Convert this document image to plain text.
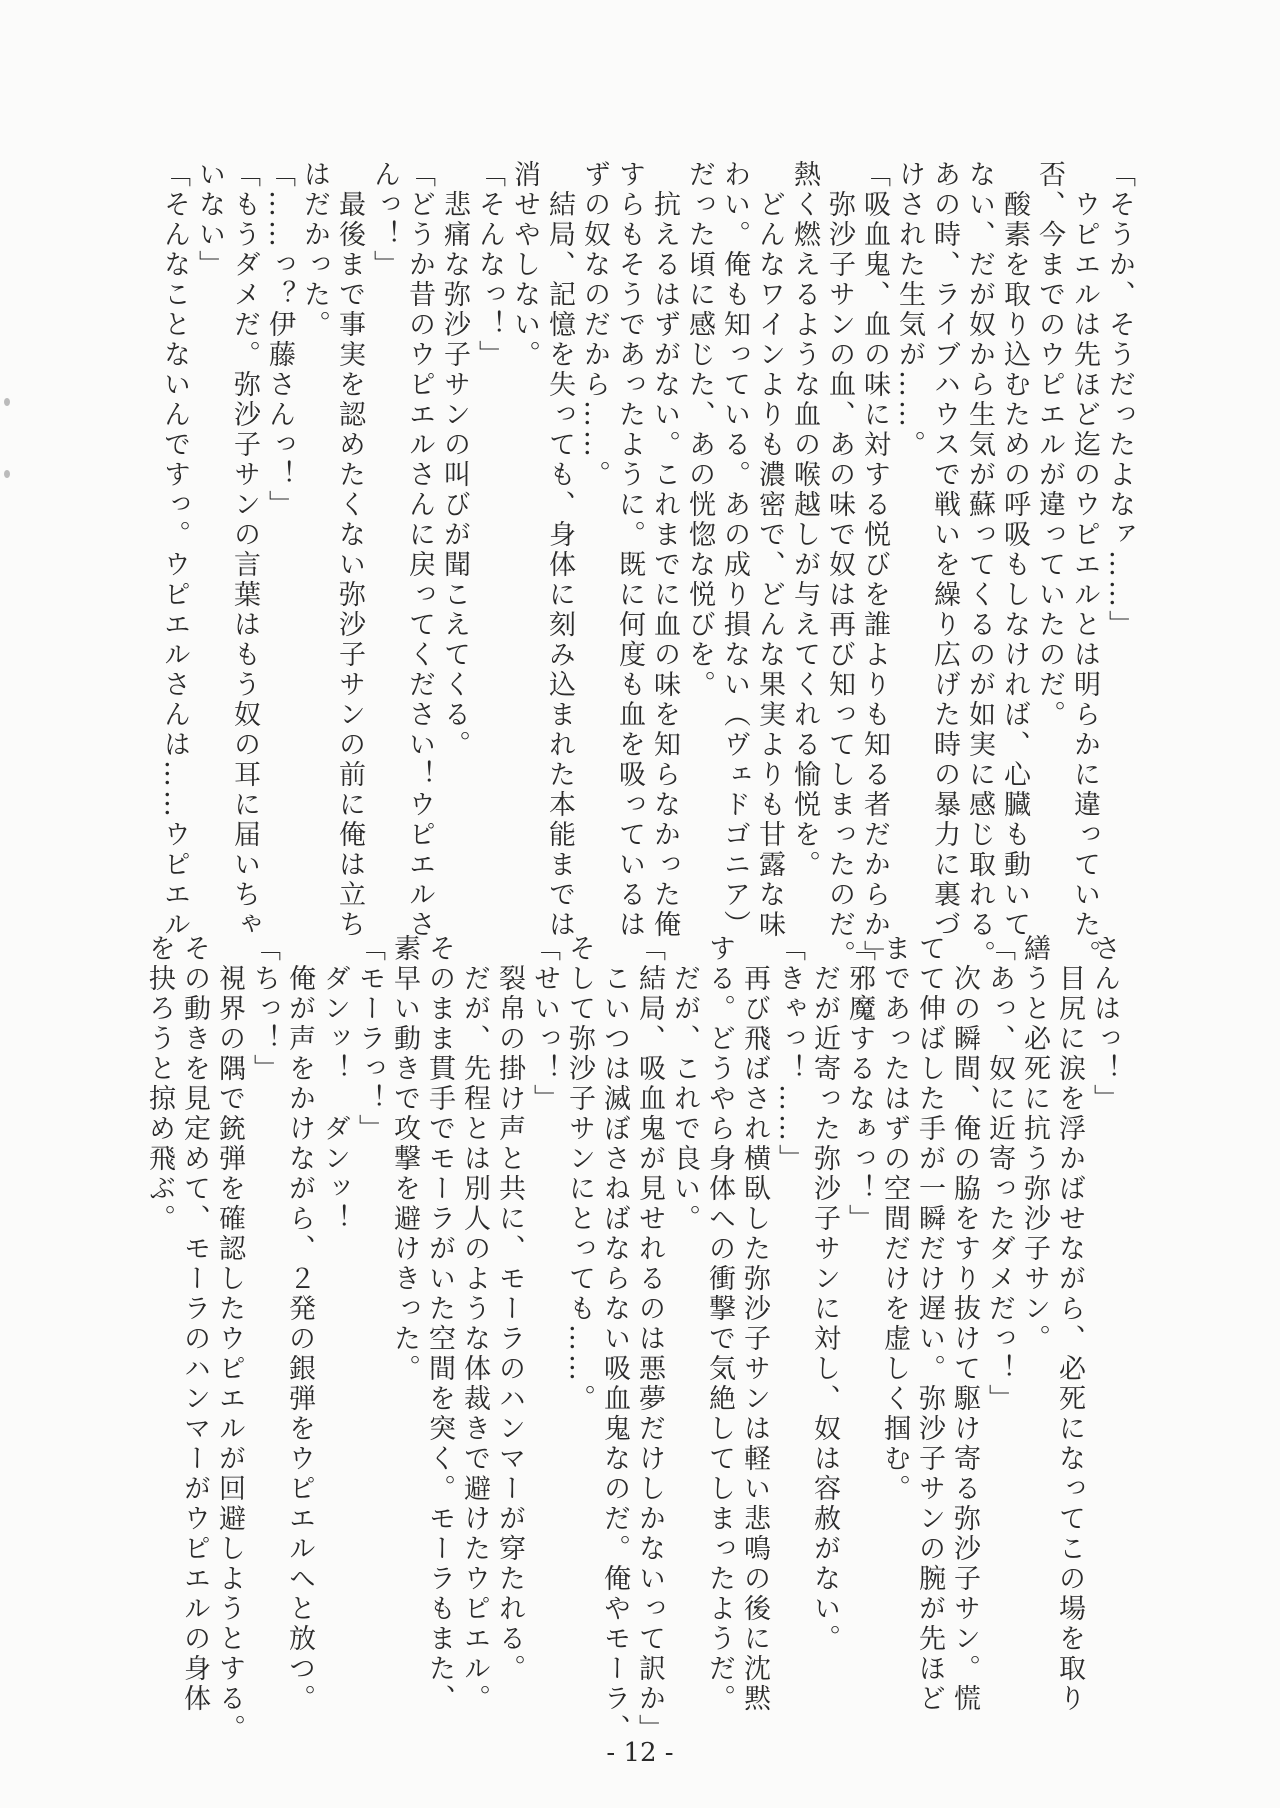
「そうか、そうだったよなァ……」
　ウピエルは先ほど迄のウピエルとは明らかに違っていた。
否、今までのウピエルが違っていたのだ。
　酸素を取り込むための呼吸もしなければ、心臓も動いて
ない、だが奴から生気が蘇ってくるのが如実に感じ取れる。
あの時、ライブハウスで戦いを繰り広げた時の暴力に裏づ
けされた生気が……。
「吸血鬼、血の味に対する悦びを誰よりも知る者だからか」
　弥沙子サンの血、あの味で奴は再び知ってしまったのだ。
熱く燃えるような血の喉越しが与えてくれる愉悦を。
　どんなワインよりも濃密で、どんな果実よりも甘露な味
わい。俺も知っている。あの成り損ない（ヴェドゴニア）
だった頃に感じた、あの恍惚な悦びを。
　抗えるはずがない。これまでに血の味を知らなかった俺
すらもそうであったように。既に何度も血を吸っているは
ずの奴なのだから……。
　結局、記憶を失っても、身体に刻み込まれた本能までは
消せやしない。
「そんなっ！」
　悲痛な弥沙子サンの叫びが聞こえてくる。
「どうか昔のウピエルさんに戻ってください！ウピエルさ
んっ！」
　最後まで事実を認めたくない弥沙子サンの前に俺は立ち
はだかった。
「……っ？伊藤さんっ！」
「もうダメだ。弥沙子サンの言葉はもう奴の耳に届いちゃ
いない」
「そんなことないんですっ。ウピエルさんは……ウピエル
さんはっ！」
　目尻に涙を浮かばせながら、必死になってこの場を取り
繕うと必死に抗う弥沙子サン。
「あっ、奴に近寄ったダメだっ！」
　次の瞬間、俺の脇をすり抜けて駆け寄る弥沙子サン。慌
てて伸ばした手が一瞬だけ遅い。弥沙子サンの腕が先ほど
まであったはずの空間だけを虚しく掴む。
「邪魔するなぁっ！」
　だが近寄った弥沙子サンに対し、奴は容赦がない。
「きゃっ！……」
　再び飛ばされ横臥した弥沙子サンは軽い悲鳴の後に沈黙
する。どうやら身体への衝撃で気絶してしまったようだ。
　だが、これで良い。
「結局、吸血鬼が見せれるのは悪夢だけしかないって訳か」
　こいつは滅ぼさねばならない吸血鬼なのだ。俺やモーラ、
そして弥沙子サンにとっても……。
「せいっ！」
　裂帛の掛け声と共に、モーラのハンマーが穿たれる。
　だが、先程とは別人のような体裁きで避けたウピエル。
そのまま貫手でモーラがいた空間を突く。モーラもまた、
素早い動きで攻撃を避けきった。
「モーラっ！」
　ダンッ！　ダンッ！
　俺が声をかけながら、２発の銀弾をウピエルへと放つ。
「ちっ！」
　視界の隅で銃弾を確認したウピエルが回避しようとする。
その動きを見定めて、モーラのハンマーがウピエルの身体
を抉ろうと掠め飛ぶ。
- 12 -
